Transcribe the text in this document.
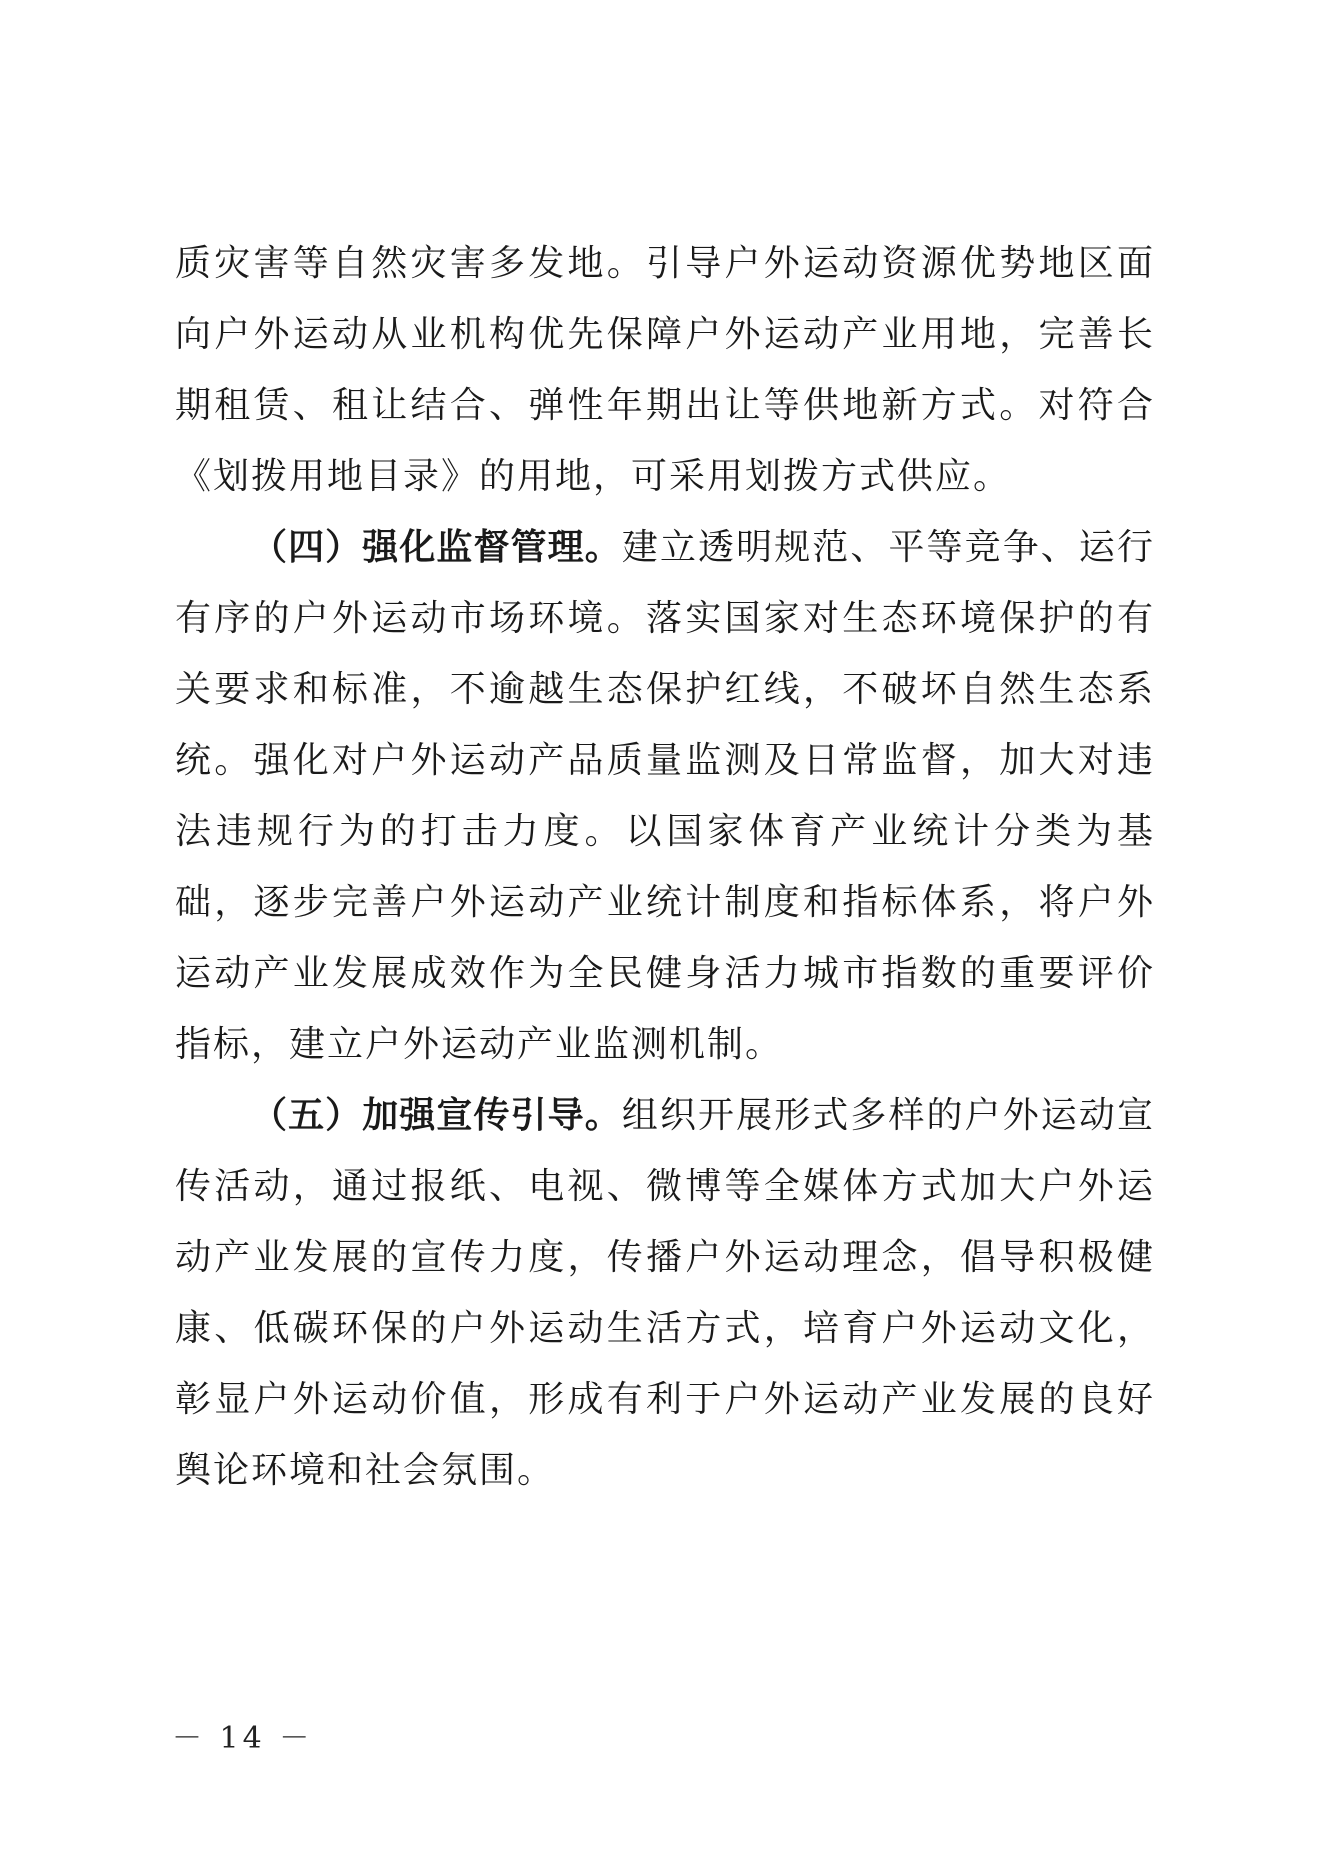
质灾害等自然灾害多发地。引导户外运动资源优势地区面向户外运动从业机构优先保障户外运动产业用地，完善长期租赁、租让结合、弹性年期出让等供地新方式。对符合《划拨用地目录》的用地，可采用划拨方式供应。

（四）强化监督管理。建立透明规范、平等竞争、运行有序的户外运动市场环境。落实国家对生态环境保护的有关要求和标准，不逾越生态保护红线，不破坏自然生态系统。强化对户外运动产品质量监测及日常监督，加大对违法违规行为的打击力度。以国家体育产业统计分类为基础，逐步完善户外运动产业统计制度和指标体系，将户外运动产业发展成效作为全民健身活力城市指数的重要评价指标，建立户外运动产业监测机制。

（五）加强宣传引导。组织开展形式多样的户外运动宣传活动，通过报纸、电视、微博等全媒体方式加大户外运动产业发展的宣传力度，传播户外运动理念，倡导积极健康、低碳环保的户外运动生活方式，培育户外运动文化，彰显户外运动价值，形成有利于户外运动产业发展的良好舆论环境和社会氛围。

－ 14 －
